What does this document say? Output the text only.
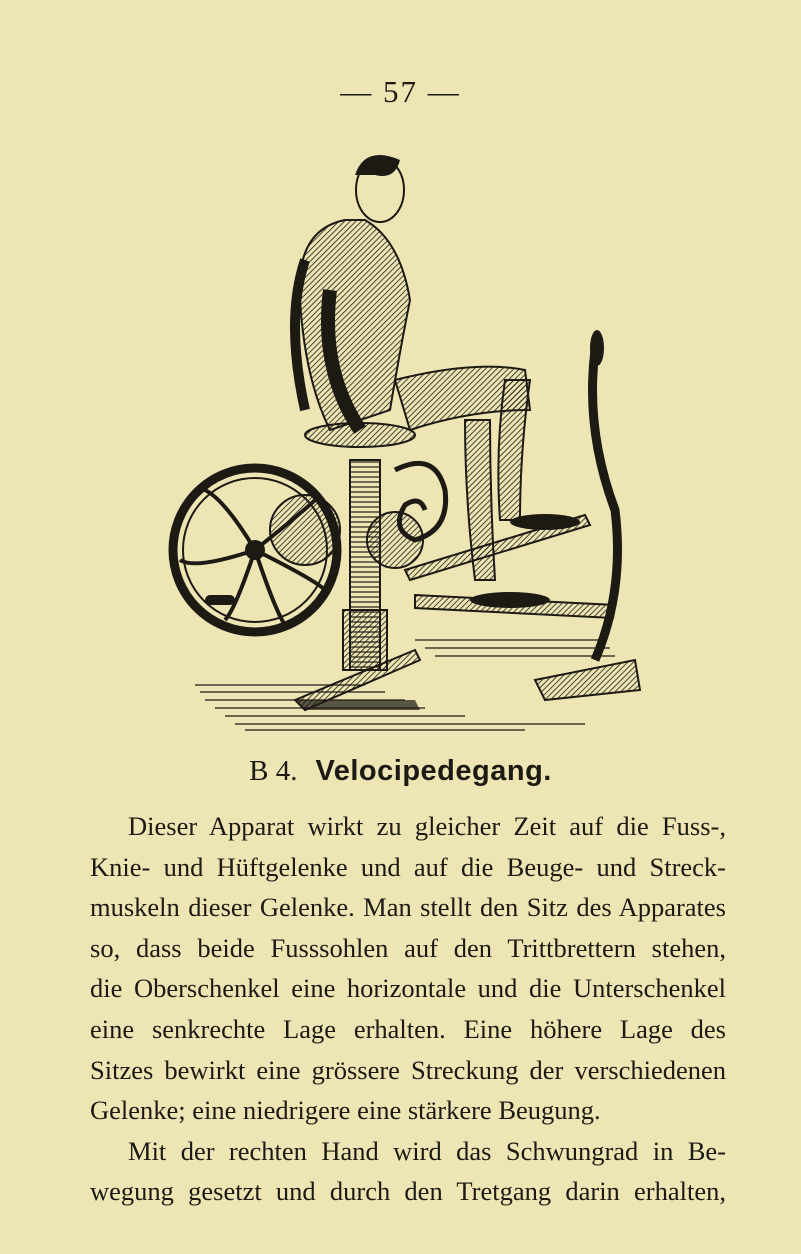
— 57 —
B 4. Velocipedegang.
Dieser Apparat wirkt zu gleicher Zeit auf die Fuss-,
Knie- und Hüftgelenke und auf die Beuge- und Streck-
muskeln dieser Gelenke. Man stellt den Sitz des Apparates
so, dass beide Fusssohlen auf den Trittbrettern stehen,
die Oberschenkel eine horizontale und die Unterschenkel
eine senkrechte Lage erhalten. Eine höhere Lage des
Sitzes bewirkt eine grössere Streckung der verschiedenen
Gelenke; eine niedrigere eine stärkere Beugung.
Mit der rechten Hand wird das Schwungrad in Be-
wegung gesetzt und durch den Tretgang darin erhalten,
